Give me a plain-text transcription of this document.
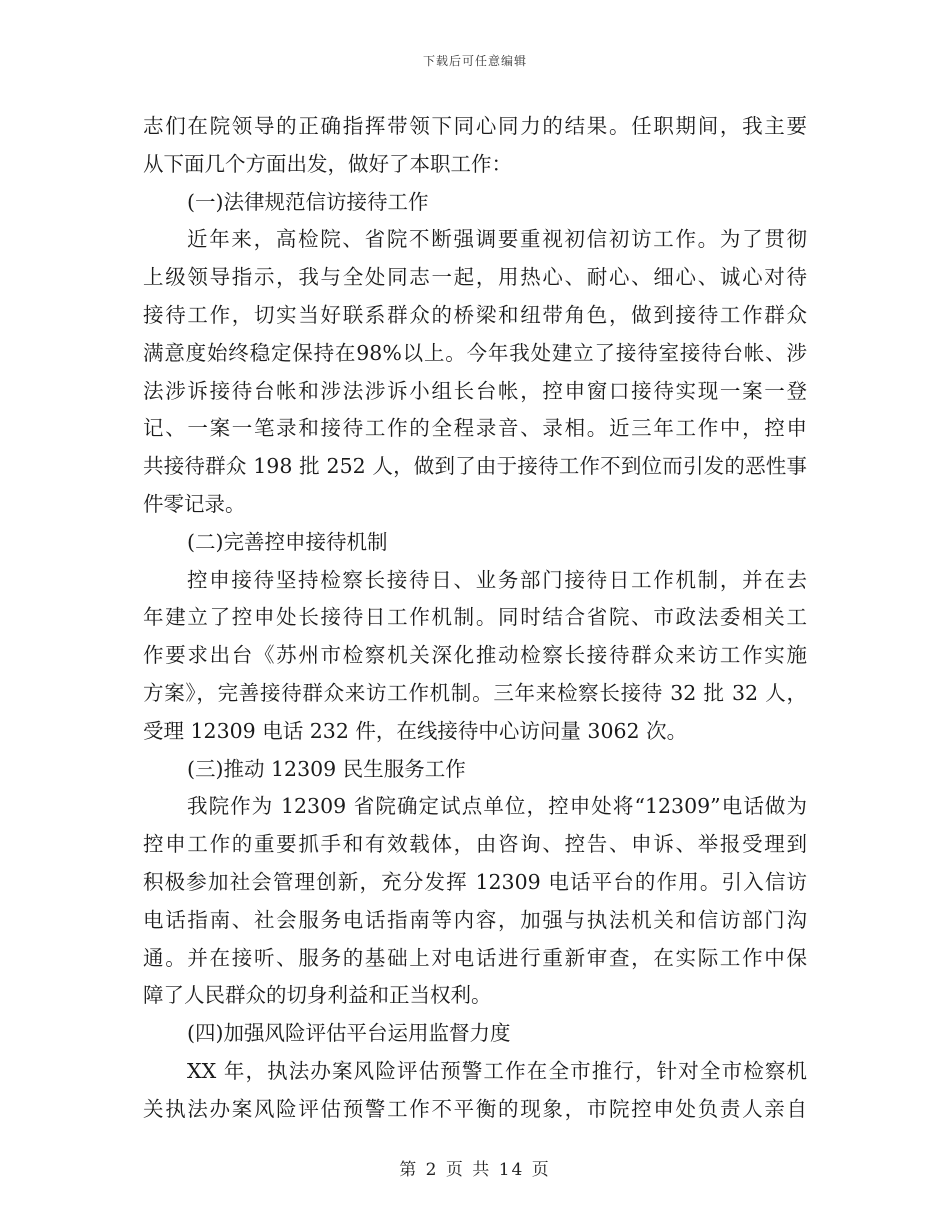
下载后可任意编辑
志们在院领导的正确指挥带领下同心同力的结果。任职期间，我主要
从下面几个方面出发，做好了本职工作：
(一)法律规范信访接待工作
近年来，高检院、省院不断强调要重视初信初访工作。为了贯彻
上级领导指示，我与全处同志一起，用热心、耐心、细心、诚心对待
接待工作，切实当好联系群众的桥梁和纽带角色，做到接待工作群众
满意度始终稳定保持在98%以上。今年我处建立了接待室接待台帐、涉
法涉诉接待台帐和涉法涉诉小组长台帐，控申窗口接待实现一案一登
记、一案一笔录和接待工作的全程录音、录相。近三年工作中，控申
共接待群众 198 批 252 人，做到了由于接待工作不到位而引发的恶性事
件零记录。
(二)完善控申接待机制
控申接待坚持检察长接待日、业务部门接待日工作机制，并在去
年建立了控申处长接待日工作机制。同时结合省院、市政法委相关工
作要求出台《苏州市检察机关深化推动检察长接待群众来访工作实施
方案》，完善接待群众来访工作机制。三年来检察长接待 32 批 32 人，
受理 12309 电话 232 件，在线接待中心访问量 3062 次。
(三)推动 12309 民生服务工作
我院作为 12309 省院确定试点单位，控申处将“12309”电话做为
控申工作的重要抓手和有效载体，由咨询、控告、申诉、举报受理到
积极参加社会管理创新，充分发挥 12309 电话平台的作用。引入信访
电话指南、社会服务电话指南等内容，加强与执法机关和信访部门沟
通。并在接听、服务的基础上对电话进行重新审查，在实际工作中保
障了人民群众的切身利益和正当权利。
(四)加强风险评估平台运用监督力度
XX 年，执法办案风险评估预警工作在全市推行，针对全市检察机
关执法办案风险评估预警工作不平衡的现象，市院控申处负责人亲自
第 2 页 共 14 页
